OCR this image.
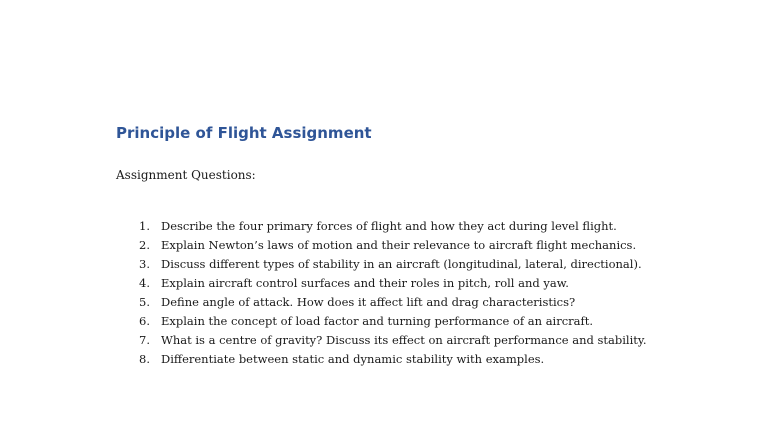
Principle of Flight Assignment
Assignment Questions:
1. Describe the four primary forces of flight and how they act during level flight.
2. Explain Newton’s laws of motion and their relevance to aircraft flight mechanics.
3. Discuss different types of stability in an aircraft (longitudinal, lateral, directional).
4. Explain aircraft control surfaces and their roles in pitch, roll and yaw.
5. Define angle of attack. How does it affect lift and drag characteristics?
6. Explain the concept of load factor and turning performance of an aircraft.
7. What is a centre of gravity? Discuss its effect on aircraft performance and stability.
8. Differentiate between static and dynamic stability with examples.
